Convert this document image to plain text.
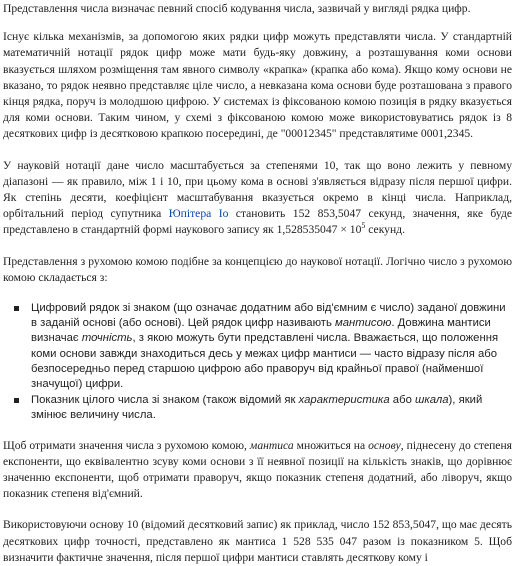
Представлення числа визначає певний спосіб кодування числа, зазвичай у вигляді рядка цифр.

Існує кілька механізмів, за допомогою яких рядки цифр можуть представляти числа. У стандартній математичній нотації рядок цифр може мати будь-яку довжину, а розташування коми основи вказується шляхом розміщення там явного символу «крапка» (крапка або кома). Якщо кому основи не вказано, то рядок неявно представляє ціле число, а невказана кома основи буде розташована з правого кінця рядка, поруч із молодшою цифрою. У системах із фіксованою комою позиція в рядку вказується для коми основи. Таким чином, у схемі з фіксованою комою може використовуватись рядок із 8 десяткових цифр із десятковою крапкою посередині, де "00012345" представлятиме 0001,2345.

У науковій нотації дане число масштабується за степенями 10, так що воно лежить у певному діапазоні — як правило, між 1 і 10, при цьому кома в основі з'являється відразу після першої цифри. Як степінь десяти, коефіцієнт масштабування вказується окремо в кінці числа. Наприклад, орбітальний період супутника Юпітера Іо становить 152 853,5047 секунд, значення, яке буде представлено в стандартній формі наукового запису як $1,528535047 \times 10^5$ секунд.

Представлення з рухомою комою подібне за концепцією до наукової нотації. Логічно число з рухомою комою складається з:

Цифровий рядок зі знаком (що означає додатним або від'ємним є число) заданої довжини в заданій основі (або основі). Цей рядок цифр називають мантисою. Довжина мантиси визначає точність, з якою можуть бути представлені числа. Вважається, що положення коми основи завжди знаходиться десь у межах цифр мантиси — часто відразу після або безпосередньо перед старшою цифрою або праворуч від крайньої правої (найменшої значущої) цифри.
Показник цілого числа зі знаком (також відомий як характеристика або шкала), який змінює величину числа.

Щоб отримати значення числа з рухомою комою, мантиса множиться на основу, піднесену до степеня експоненти, що еквівалентно зсуву коми основи з її неявної позиції на кількість знаків, що дорівнює значенню експоненти, щоб отримати праворуч, якщо показник степеня додатний, або ліворуч, якщо показник степеня від'ємний.

Використовуючи основу 10 (відомий десятковий запис) як приклад, число 152 853,5047, що має десять десяткових цифр точності, представлено як мантиса 1 528 535 047 разом із показником 5. Щоб визначити фактичне значення, після першої цифри мантиси ставлять десяткову кому і
